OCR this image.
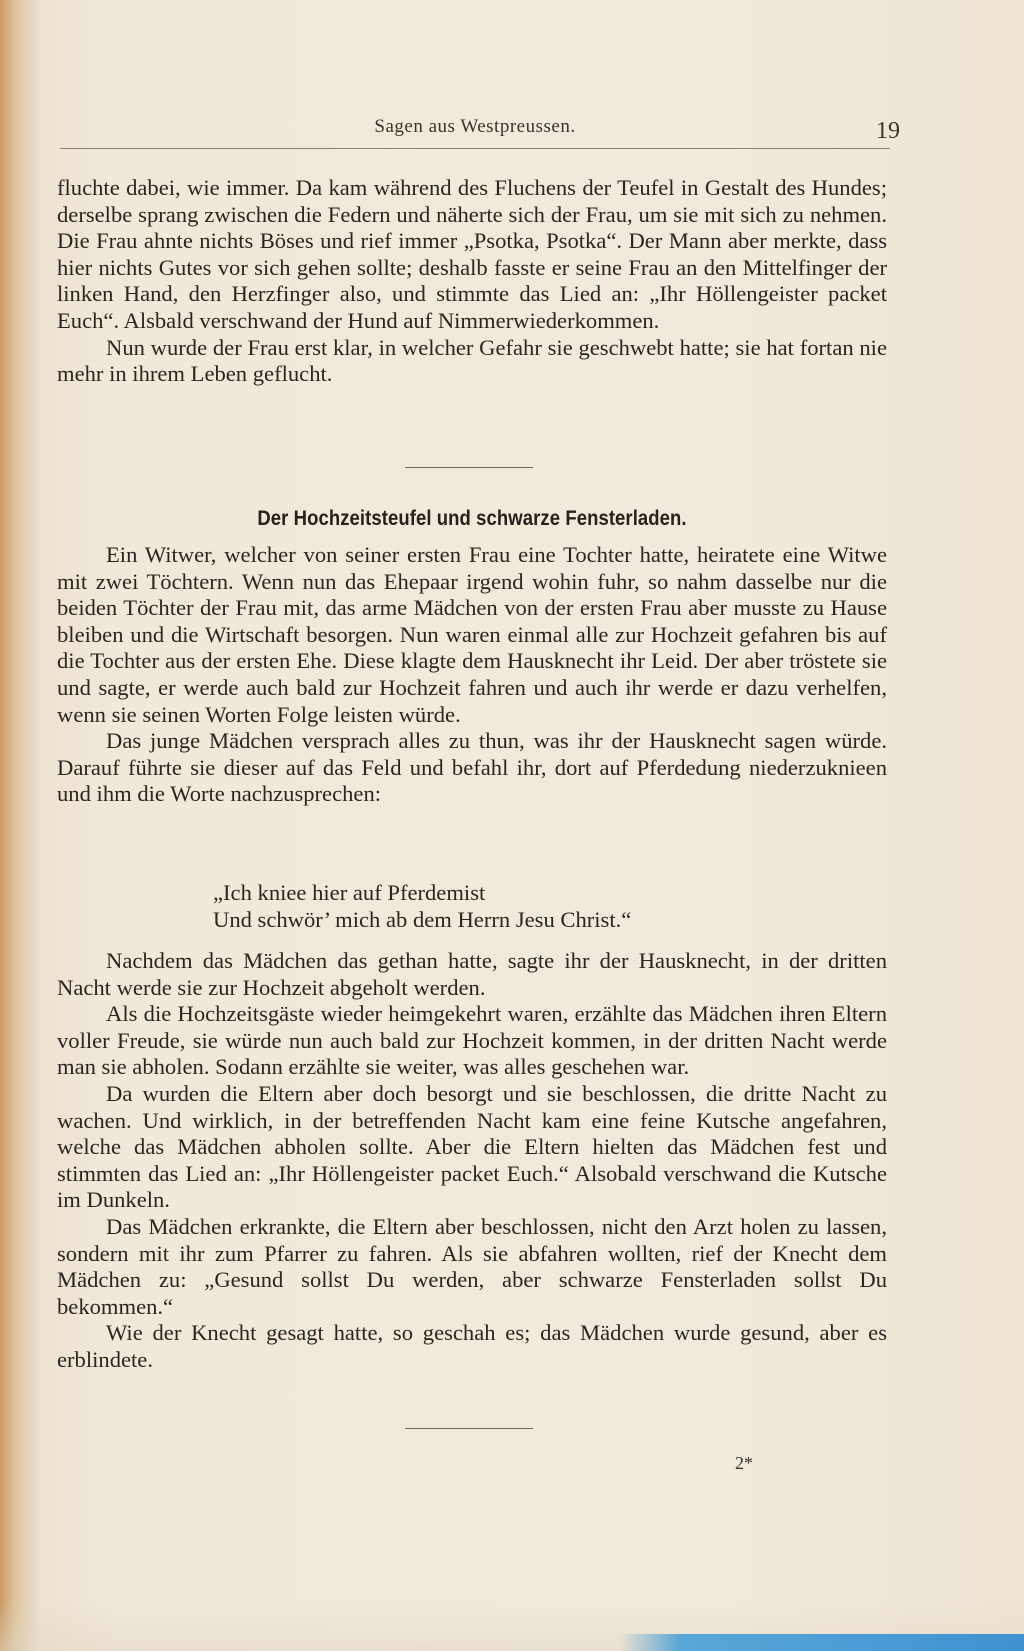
Sagen aus Westpreussen.	19

fluchte dabei, wie immer. Da kam während des Fluchens der Teufel in Gestalt des Hundes; derselbe sprang zwischen die Federn und näherte sich der Frau, um sie mit sich zu nehmen. Die Frau ahnte nichts Böses und rief immer „Psotka, Psotka“. Der Mann aber merkte, dass hier nichts Gutes vor sich gehen sollte; deshalb fasste er seine Frau an den Mittelfinger der linken Hand, den Herzfinger also, und stimmte das Lied an: „Ihr Höllengeister packet Euch“. Alsbald verschwand der Hund auf Nimmerwiederkommen.

Nun wurde der Frau erst klar, in welcher Gefahr sie geschwebt hatte; sie hat fortan nie mehr in ihrem Leben geflucht.

Der Hochzeitsteufel und schwarze Fensterladen.

Ein Witwer, welcher von seiner ersten Frau eine Tochter hatte, heiratete eine Witwe mit zwei Töchtern. Wenn nun das Ehepaar irgend wohin fuhr, so nahm dasselbe nur die beiden Töchter der Frau mit, das arme Mädchen von der ersten Frau aber musste zu Hause bleiben und die Wirtschaft besorgen. Nun waren einmal alle zur Hochzeit gefahren bis auf die Tochter aus der ersten Ehe. Diese klagte dem Hausknecht ihr Leid. Der aber tröstete sie und sagte, er werde auch bald zur Hochzeit fahren und auch ihr werde er dazu verhelfen, wenn sie seinen Worten Folge leisten würde.

Das junge Mädchen versprach alles zu thun, was ihr der Hausknecht sagen würde. Darauf führte sie dieser auf das Feld und befahl ihr, dort auf Pferdedung niederzuknieen und ihm die Worte nachzusprechen:

„Ich kniee hier auf Pferdemist

Und schwör’ mich ab dem Herrn Jesu Christ.“

Nachdem das Mädchen das gethan hatte, sagte ihr der Hausknecht, in der dritten Nacht werde sie zur Hochzeit abgeholt werden.

Als die Hochzeitsgäste wieder heimgekehrt waren, erzählte das Mädchen ihren Eltern voller Freude, sie würde nun auch bald zur Hochzeit kommen, in der dritten Nacht werde man sie abholen. Sodann erzählte sie weiter, was alles geschehen war.

Da wurden die Eltern aber doch besorgt und sie beschlossen, die dritte Nacht zu wachen. Und wirklich, in der betreffenden Nacht kam eine feine Kutsche angefahren, welche das Mädchen abholen sollte. Aber die Eltern hielten das Mädchen fest und stimmten das Lied an: „Ihr Höllengeister packet Euch.“ Alsobald verschwand die Kutsche im Dunkeln.

Das Mädchen erkrankte, die Eltern aber beschlossen, nicht den Arzt holen zu lassen, sondern mit ihr zum Pfarrer zu fahren. Als sie abfahren wollten, rief der Knecht dem Mädchen zu: „Gesund sollst Du werden, aber schwarze Fensterladen sollst Du bekommen.“

Wie der Knecht gesagt hatte, so geschah es; das Mädchen wurde gesund, aber es erblindete.

2*
